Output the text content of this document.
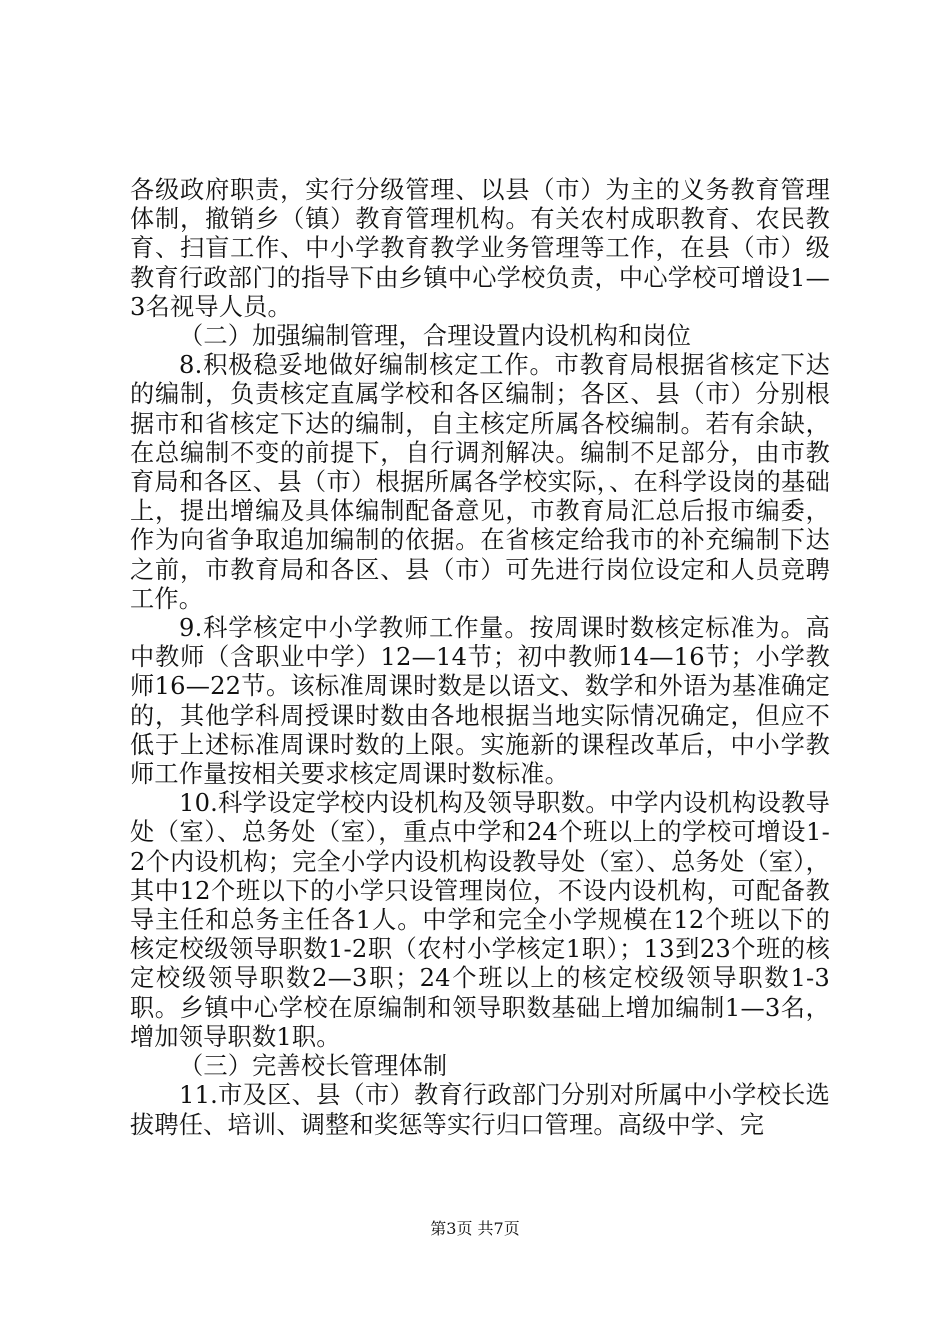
各级政府职责，实行分级管理、以县（市）为主的义务教育管理体制，撤销乡（镇）教育管理机构。有关农村成职教育、农民教育、扫盲工作、中小学教育教学业务管理等工作，在县（市）级教育行政部门的指导下由乡镇中心学校负责，中心学校可增设1—3名视导人员。

（二）加强编制管理，合理设置内设机构和岗位

8.积极稳妥地做好编制核定工作。市教育局根据省核定下达的编制，负责核定直属学校和各区编制；各区、县（市）分别根据市和省核定下达的编制，自主核定所属各校编制。若有余缺，在总编制不变的前提下，自行调剂解决。编制不足部分，由市教育局和各区、县（市）根据所属各学校实际，、在科学设岗的基础上，提出增编及具体编制配备意见，市教育局汇总后报市编委，作为向省争取追加编制的依据。在省核定给我市的补充编制下达之前，市教育局和各区、县（市）可先进行岗位设定和人员竞聘工作。

9.科学核定中小学教师工作量。按周课时数核定标准为。高中教师（含职业中学）12—14节；初中教师14—16节；小学教师16—22节。该标准周课时数是以语文、数学和外语为基准确定的，其他学科周授课时数由各地根据当地实际情况确定，但应不低于上述标准周课时数的上限。实施新的课程改革后，中小学教师工作量按相关要求核定周课时数标准。

10.科学设定学校内设机构及领导职数。中学内设机构设教导处（室）、总务处（室），重点中学和24个班以上的学校可增设1-2个内设机构；完全小学内设机构设教导处（室）、总务处（室），其中12个班以下的小学只设管理岗位，不设内设机构，可配备教导主任和总务主任各1人。中学和完全小学规模在12个班以下的核定校级领导职数1-2职（农村小学核定1职）；13到23个班的核定校级领导职数2—3职；24个班以上的核定校级领导职数1-3职。乡镇中心学校在原编制和领导职数基础上增加编制1—3名，增加领导职数1职。

（三）完善校长管理体制

11.市及区、县（市）教育行政部门分别对所属中小学校长选拔聘任、培训、调整和奖惩等实行归口管理。高级中学、完

第3页 共7页
